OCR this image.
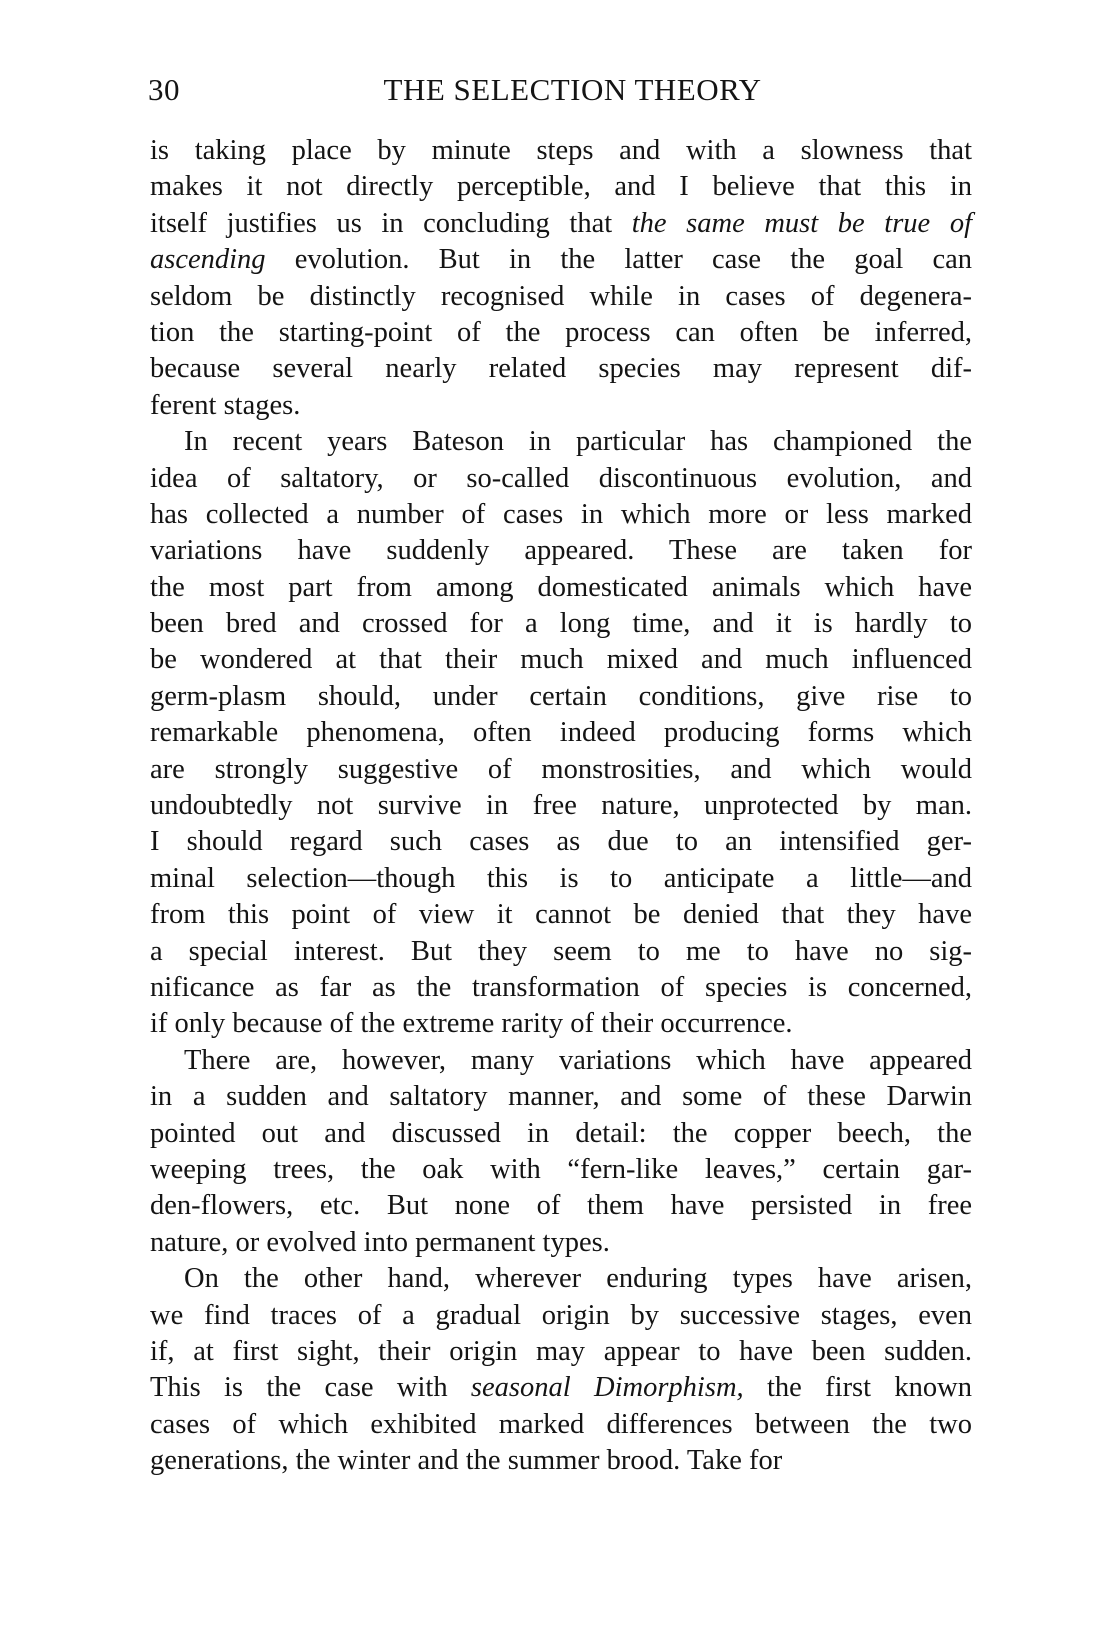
30	THE SELECTION THEORY
is taking place by minute steps and with a slowness that
makes it not directly perceptible, and I believe that this in
itself justifies us in concluding that the same must be true of
ascending evolution. But in the latter case the goal can
seldom be distinctly recognised while in cases of degenera-
tion the starting-point of the process can often be inferred,
because several nearly related species may represent dif-
ferent stages.
In recent years Bateson in particular has championed the
idea of saltatory, or so-called discontinuous evolution, and
has collected a number of cases in which more or less marked
variations have suddenly appeared. These are taken for
the most part from among domesticated animals which have
been bred and crossed for a long time, and it is hardly to
be wondered at that their much mixed and much influenced
germ-plasm should, under certain conditions, give rise to
remarkable phenomena, often indeed producing forms which
are strongly suggestive of monstrosities, and which would
undoubtedly not survive in free nature, unprotected by man.
I should regard such cases as due to an intensified ger-
minal selection—though this is to anticipate a little—and
from this point of view it cannot be denied that they have
a special interest. But they seem to me to have no sig-
nificance as far as the transformation of species is concerned,
if only because of the extreme rarity of their occurrence.
There are, however, many variations which have appeared
in a sudden and saltatory manner, and some of these Darwin
pointed out and discussed in detail: the copper beech, the
weeping trees, the oak with “fern-like leaves,” certain gar-
den-flowers, etc. But none of them have persisted in free
nature, or evolved into permanent types.
On the other hand, wherever enduring types have arisen,
we find traces of a gradual origin by successive stages, even
if, at first sight, their origin may appear to have been sudden.
This is the case with seasonal Dimorphism, the first known
cases of which exhibited marked differences between the two
generations, the winter and the summer brood. Take for
